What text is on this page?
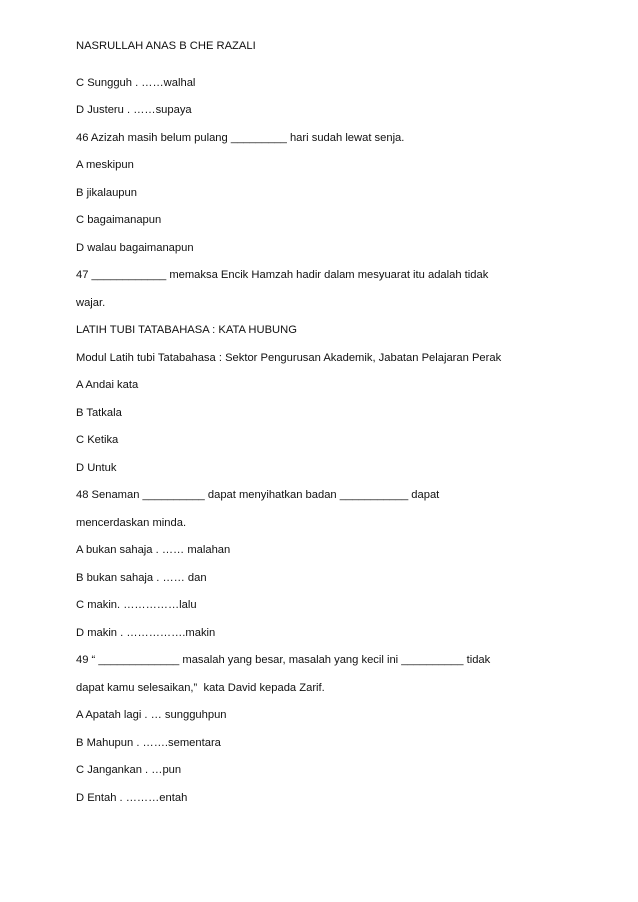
NASRULLAH ANAS B CHE RAZALI
C Sungguh . ……walhal
D Justeru . ……supaya
46 Azizah masih belum pulang _________ hari sudah lewat senja.
A meskipun
B jikalaupun
C bagaimanapun
D walau bagaimanapun
47 ____________ memaksa Encik Hamzah hadir dalam mesyuarat itu adalah tidak
wajar.
LATIH TUBI TATABAHASA : KATA HUBUNG
Modul Latih tubi Tatabahasa : Sektor Pengurusan Akademik, Jabatan Pelajaran Perak
A Andai kata
B Tatkala
C Ketika
D Untuk
48 Senaman __________ dapat menyihatkan badan ___________ dapat
mencerdaskan minda.
A bukan sahaja . …… malahan
B bukan sahaja . …… dan
C makin. ……………lalu
D makin . …………….makin
49 “ _____________ masalah yang besar, masalah yang kecil ini __________ tidak
dapat kamu selesaikan,”  kata David kepada Zarif.
A Apatah lagi . … sungguhpun
B Mahupun . …….sementara
C Jangankan . …pun
D Entah . ………entah
